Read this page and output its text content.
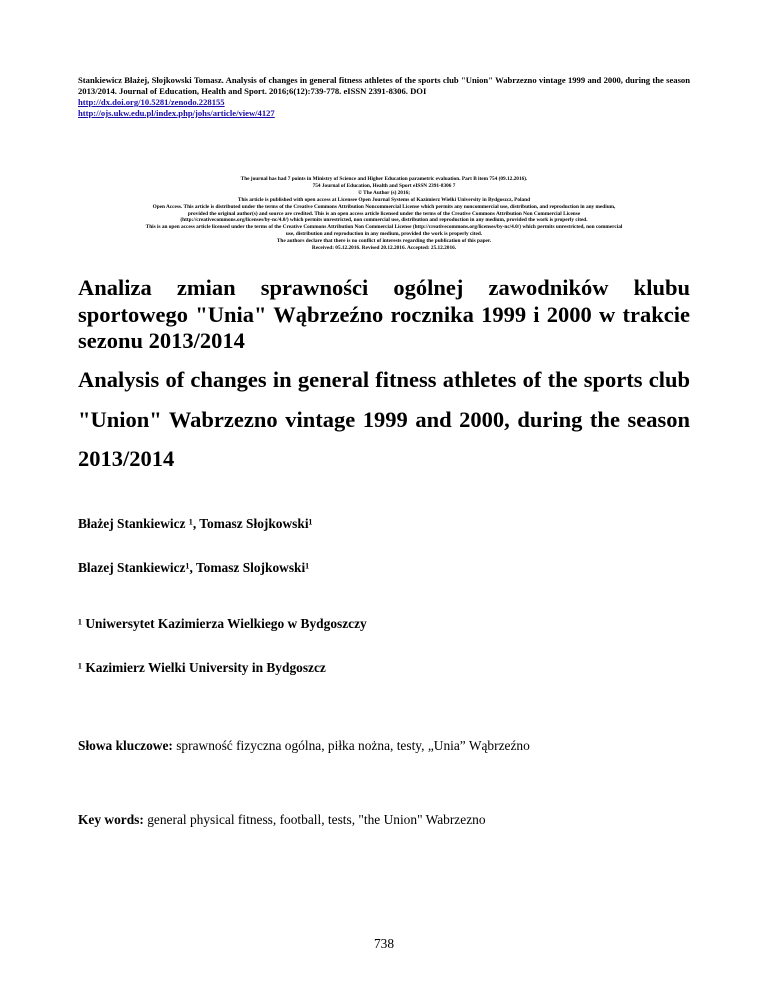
Stankiewicz Błażej, Słojkowski Tomasz. Analysis of changes in general fitness athletes of the sports club "Union" Wabrzezno vintage 1999 and 2000, during the season 2013/2014. Journal of Education, Health and Sport. 2016;6(12):739-778. eISSN 2391-8306. DOI
http://dx.doi.org/10.5281/zenodo.228155
http://ojs.ukw.edu.pl/index.php/johs/article/view/4127
The journal has had 7 points in Ministry of Science and Higher Education parametric evaluation. Part B item 754 (09.12.2016).
754 Journal of Education, Health and Sport eISSN 2391-8306 7
© The Author (s) 2016;
This article is published with open access at Licensee Open Journal Systems of Kazimierz Wielki University in Bydgoszcz, Poland
Open Access. This article is distributed under the terms of the Creative Commons Attribution Noncommercial License which permits any noncommercial use, distribution, and reproduction in any medium,
provided the original author(s) and source are credited. This is an open access article licensed under the terms of the Creative Commons Attribution Non Commercial License
(http://creativecommons.org/licenses/by-nc/4.0/) which permits unrestricted, non commercial use, distribution and reproduction in any medium, provided the work is properly cited.
This is an open access article licensed under the terms of the Creative Commons Attribution Non Commercial License (http://creativecommons.org/licenses/by-nc/4.0/) which permits unrestricted, non commercial
use, distribution and reproduction in any medium, provided the work is properly cited.
The authors declare that there is no conflict of interests regarding the publication of this paper.
Received: 05.12.2016. Revised 20.12.2016. Accepted: 25.12.2016.
Analiza zmian sprawności ogólnej zawodników klubu sportowego "Unia" Wąbrzeźno rocznika 1999 i 2000 w trakcie sezonu 2013/2014
Analysis of changes in general fitness athletes of the sports club "Union" Wabrzezno vintage 1999 and 2000, during the season 2013/2014
Błażej Stankiewicz ¹, Tomasz Słojkowski¹
Blazej Stankiewicz¹, Tomasz Slojkowski¹
¹ Uniwersytet Kazimierza Wielkiego w Bydgoszczy
¹ Kazimierz Wielki University in Bydgoszcz
Słowa kluczowe: sprawność fizyczna ogólna, piłka nożna, testy, „Unia” Wąbrzeźno
Key words: general physical fitness, football, tests, "the Union" Wabrzezno
738
